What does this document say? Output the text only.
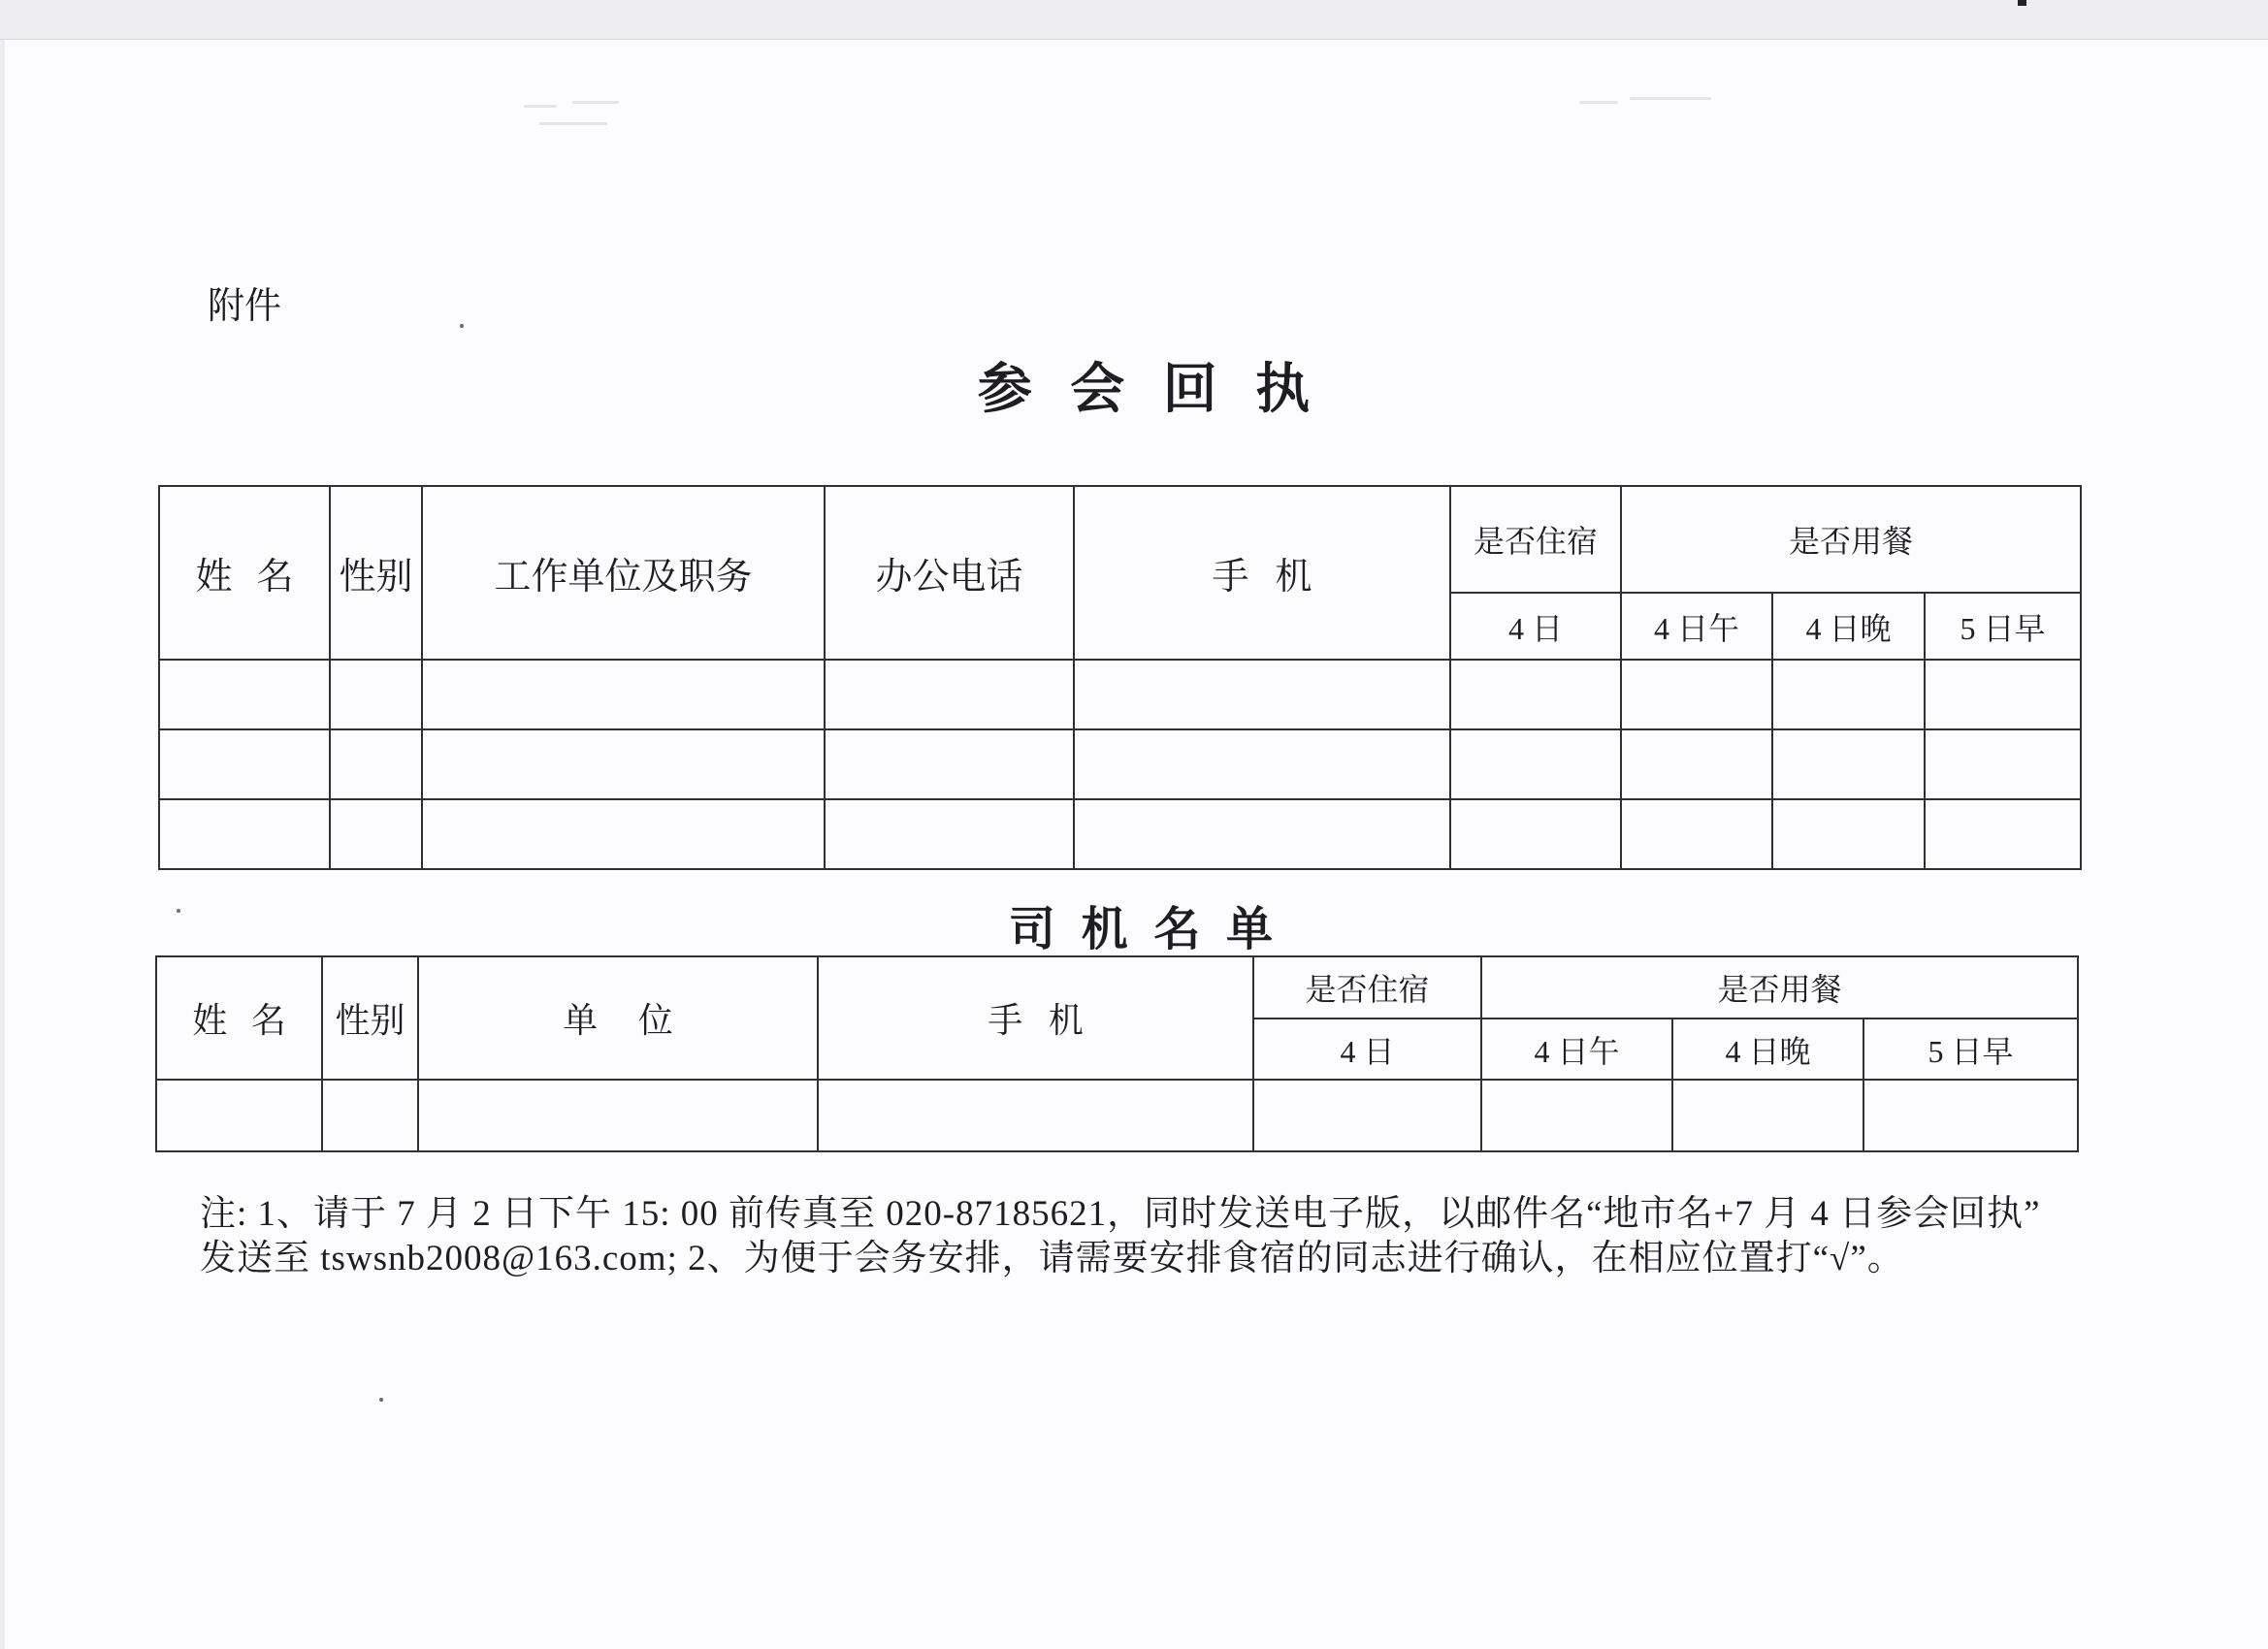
附件
参 会 回 执
姓 名	性别	工作单位及职务	办公电话	手 机	是否住宿	是否用餐		
					4 日	4 日午	4 日晚	5 日早

司 机 名 单
姓 名	性别	单 位	手 机	是否住宿	是否用餐		
				4 日	4 日午	4 日晚	5 日早

注: 1、请于 7 月 2 日下午 15: 00 前传真至 020-87185621，同时发送电子版，以邮件名“地市名+7 月 4 日参会回执”
发送至 tswsnb2008@163.com; 2、为便于会务安排，请需要安排食宿的同志进行确认，在相应位置打“√”。
